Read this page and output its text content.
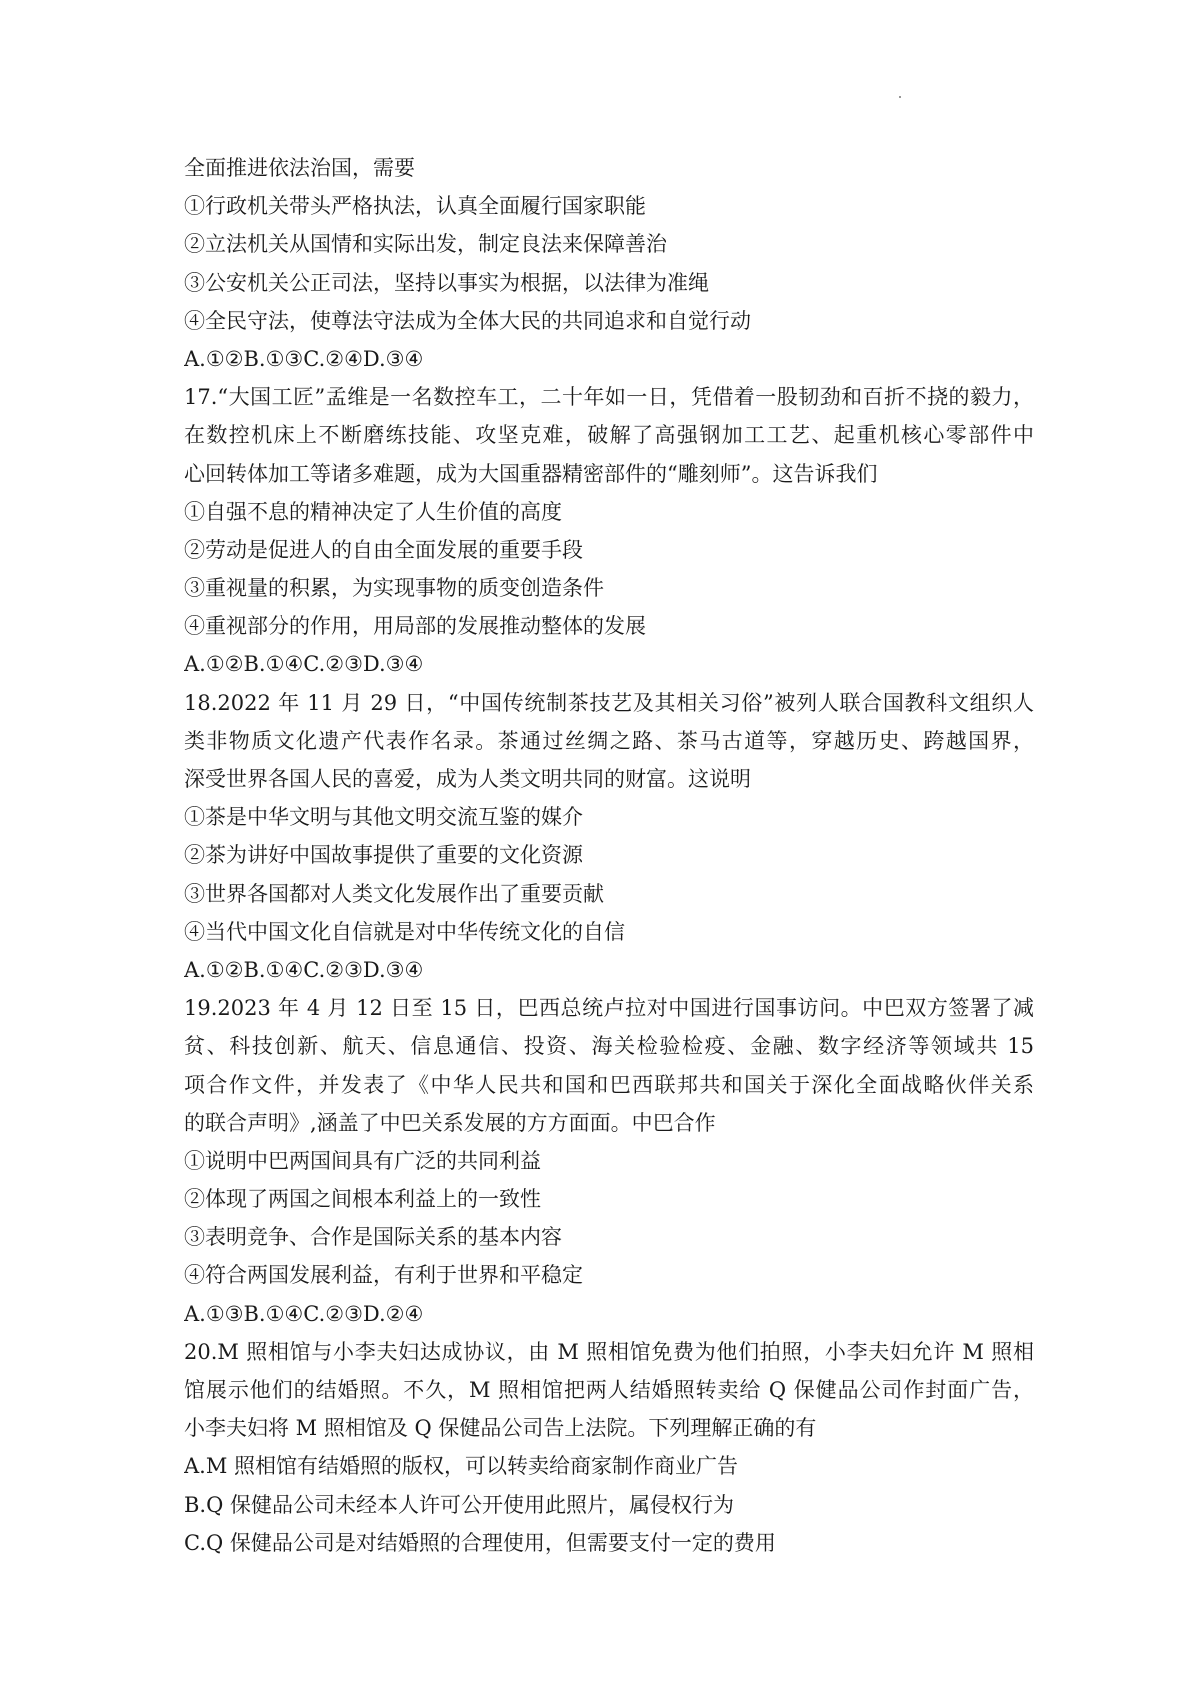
全面推进依法治国，需要
①行政机关带头严格执法，认真全面履行国家职能
②立法机关从国情和实际出发，制定良法来保障善治
③公安机关公正司法，坚持以事实为根据，以法律为准绳
④全民守法，使尊法守法成为全体大民的共同追求和自觉行动
A.①②B.①③C.②④D.③④
17.“大国工匠”孟维是一名数控车工，二十年如一日，凭借着一股韧劲和百折不挠的毅力，
在数控机床上不断磨练技能、攻坚克难，破解了高强钢加工工艺、起重机核心零部件中
心回转体加工等诸多难题，成为大国重器精密部件的“雕刻师”。这告诉我们
①自强不息的精神决定了人生价值的高度
②劳动是促进人的自由全面发展的重要手段
③重视量的积累，为实现事物的质变创造条件
④重视部分的作用，用局部的发展推动整体的发展
A.①②B.①④C.②③D.③④
18.2022 年 11 月 29 日，“中国传统制茶技艺及其相关习俗”被列人联合国教科文组织人
类非物质文化遗产代表作名录。茶通过丝绸之路、茶马古道等，穿越历史、跨越国界，
深受世界各国人民的喜爱，成为人类文明共同的财富。这说明
①茶是中华文明与其他文明交流互鉴的媒介
②茶为讲好中国故事提供了重要的文化资源
③世界各国都对人类文化发展作出了重要贡献
④当代中国文化自信就是对中华传统文化的自信
A.①②B.①④C.②③D.③④
19.2023 年 4 月 12 日至 15 日，巴西总统卢拉对中国进行国事访问。中巴双方签署了减
贫、科技创新、航天、信息通信、投资、海关检验检疫、金融、数字经济等领域共 15
项合作文件，并发表了《中华人民共和国和巴西联邦共和国关于深化全面战略伙伴关系
的联合声明》,涵盖了中巴关系发展的方方面面。中巴合作
①说明中巴两国间具有广泛的共同利益
②体现了两国之间根本利益上的一致性
③表明竞争、合作是国际关系的基本内容
④符合两国发展利益，有利于世界和平稳定
A.①③B.①④C.②③D.②④
20.M 照相馆与小李夫妇达成协议，由 M 照相馆免费为他们拍照，小李夫妇允许 M 照相
馆展示他们的结婚照。不久，M 照相馆把两人结婚照转卖给 Q 保健品公司作封面广告，
小李夫妇将 M 照相馆及 Q 保健品公司告上法院。下列理解正确的有
A.M 照相馆有结婚照的版权，可以转卖给商家制作商业广告
B.Q 保健品公司未经本人许可公开使用此照片，属侵权行为
C.Q 保健品公司是对结婚照的合理使用，但需要支付一定的费用
